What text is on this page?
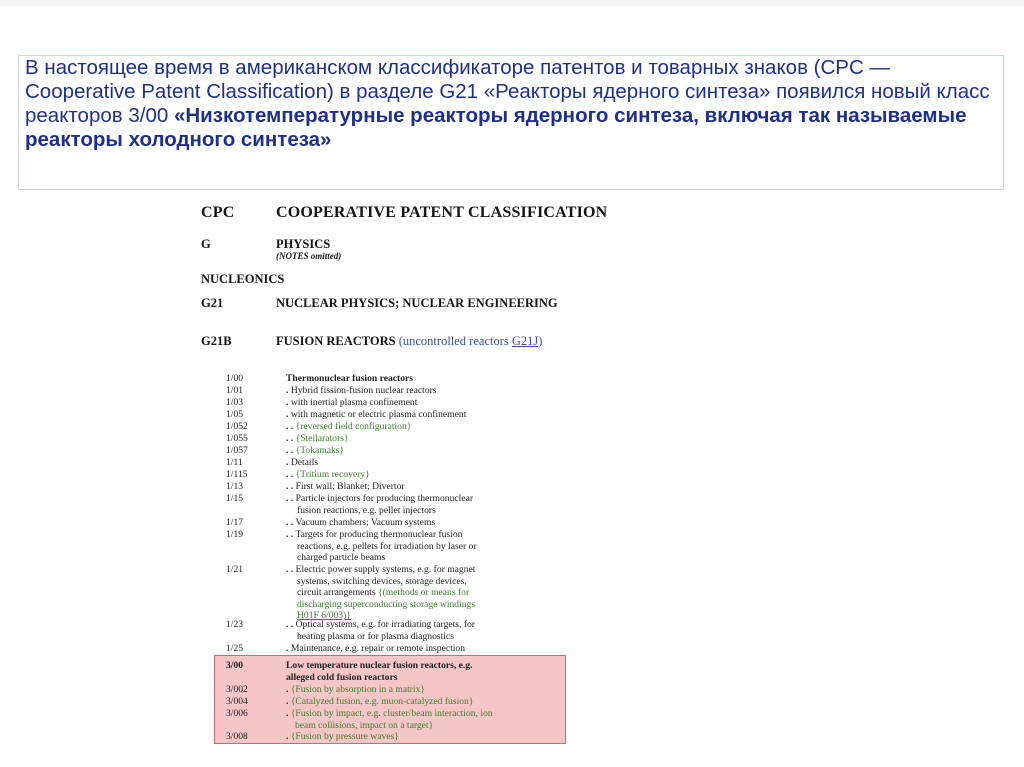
В настоящее время в американском классификаторе патентов и товарных знаков (CPC — Cooperative Patent Classification) в разделе G21 «Реакторы ядерного синтеза» появился новый класс реакторов 3/00 «Низкотемпературные реакторы ядерного синтеза, включая так называемые реакторы холодного синтеза»
CPC	COOPERATIVE PATENT CLASSIFICATION
G	PHYSICS
(NOTES omitted)
NUCLEONICS
G21	NUCLEAR PHYSICS; NUCLEAR ENGINEERING
G21B	FUSION REACTORS (uncontrolled reactors G21J)
1/00	Thermonuclear fusion reactors
1/01	. Hybrid fission-fusion nuclear reactors
1/03	. with inertial plasma confinement
1/05	. with magnetic or electric plasma confinement
1/052	. . {reversed field configuration}
1/055	. . {Stellarators}
1/057	. . {Tokamaks}
1/11	. Details
1/115	. . {Tritium recovery}
1/13	. . First wall; Blanket; Divertor
1/15	. . Particle injectors for producing thermonuclear
fusion reactions, e.g. pellet injectors
1/17	. . Vacuum chambers; Vacuum systems
1/19	. . Targets for producing thermonuclear fusion
reactions, e.g. pellets for irradiation by laser or
charged particle beams
1/21	. . Electric power supply systems, e.g. for magnet
systems, switching devices, storage devices,
circuit arrangements {(methods or means for
discharging superconducting storage windings
H01F 6/003)}
1/23	. . Optical systems, e.g. for irradiating targets, for
heating plasma or for plasma diagnostics
1/25	. Maintenance, e.g. repair or remote inspection
3/00	Low temperature nuclear fusion reactors, e.g.
alleged cold fusion reactors
3/002	. {Fusion by absorption in a matrix}
3/004	. {Catalyzed fusion, e.g. muon-catalyzed fusion}
3/006	. {Fusion by impact, e.g. cluster/beam interaction, ion
beam collisions, impact on a target}
3/008	. {Fusion by pressure waves}
